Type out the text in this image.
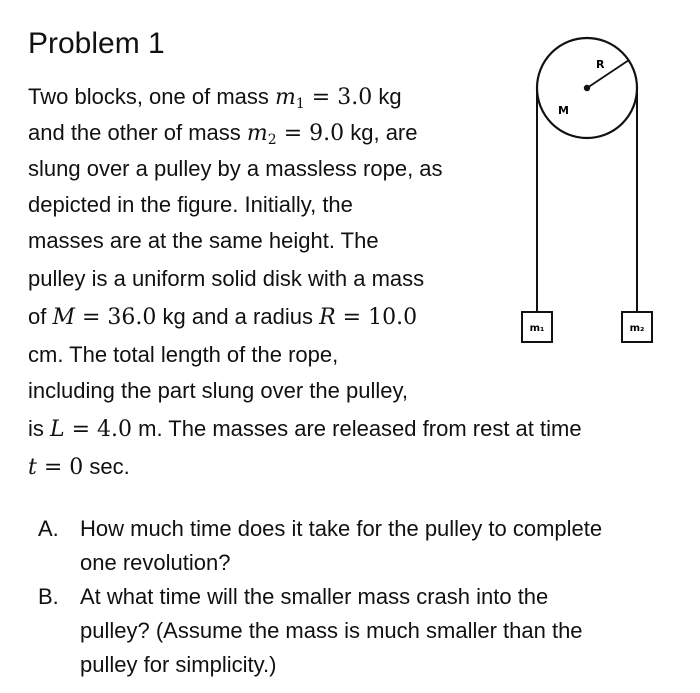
Problem 1
Two blocks, one of mass $m_1 = 3.0$ kg
and the other of mass $m_2 = 9.0$ kg, are
slung over a pulley by a massless rope, as
depicted in the figure. Initially, the
masses are at the same height. The
pulley is a uniform solid disk with a mass
of M = 36.0 kg and a radius R = 10.0
cm. The total length of the rope,
including the part slung over the pulley,
is L = 4.0 m. The masses are released from rest at time
t = 0 sec.
A. How much time does it take for the pulley to complete
one revolution?
B. At what time will the smaller mass crash into the
pulley? (Assume the mass is much smaller than the
pulley for simplicity.)
R
M
m₁	m₂
